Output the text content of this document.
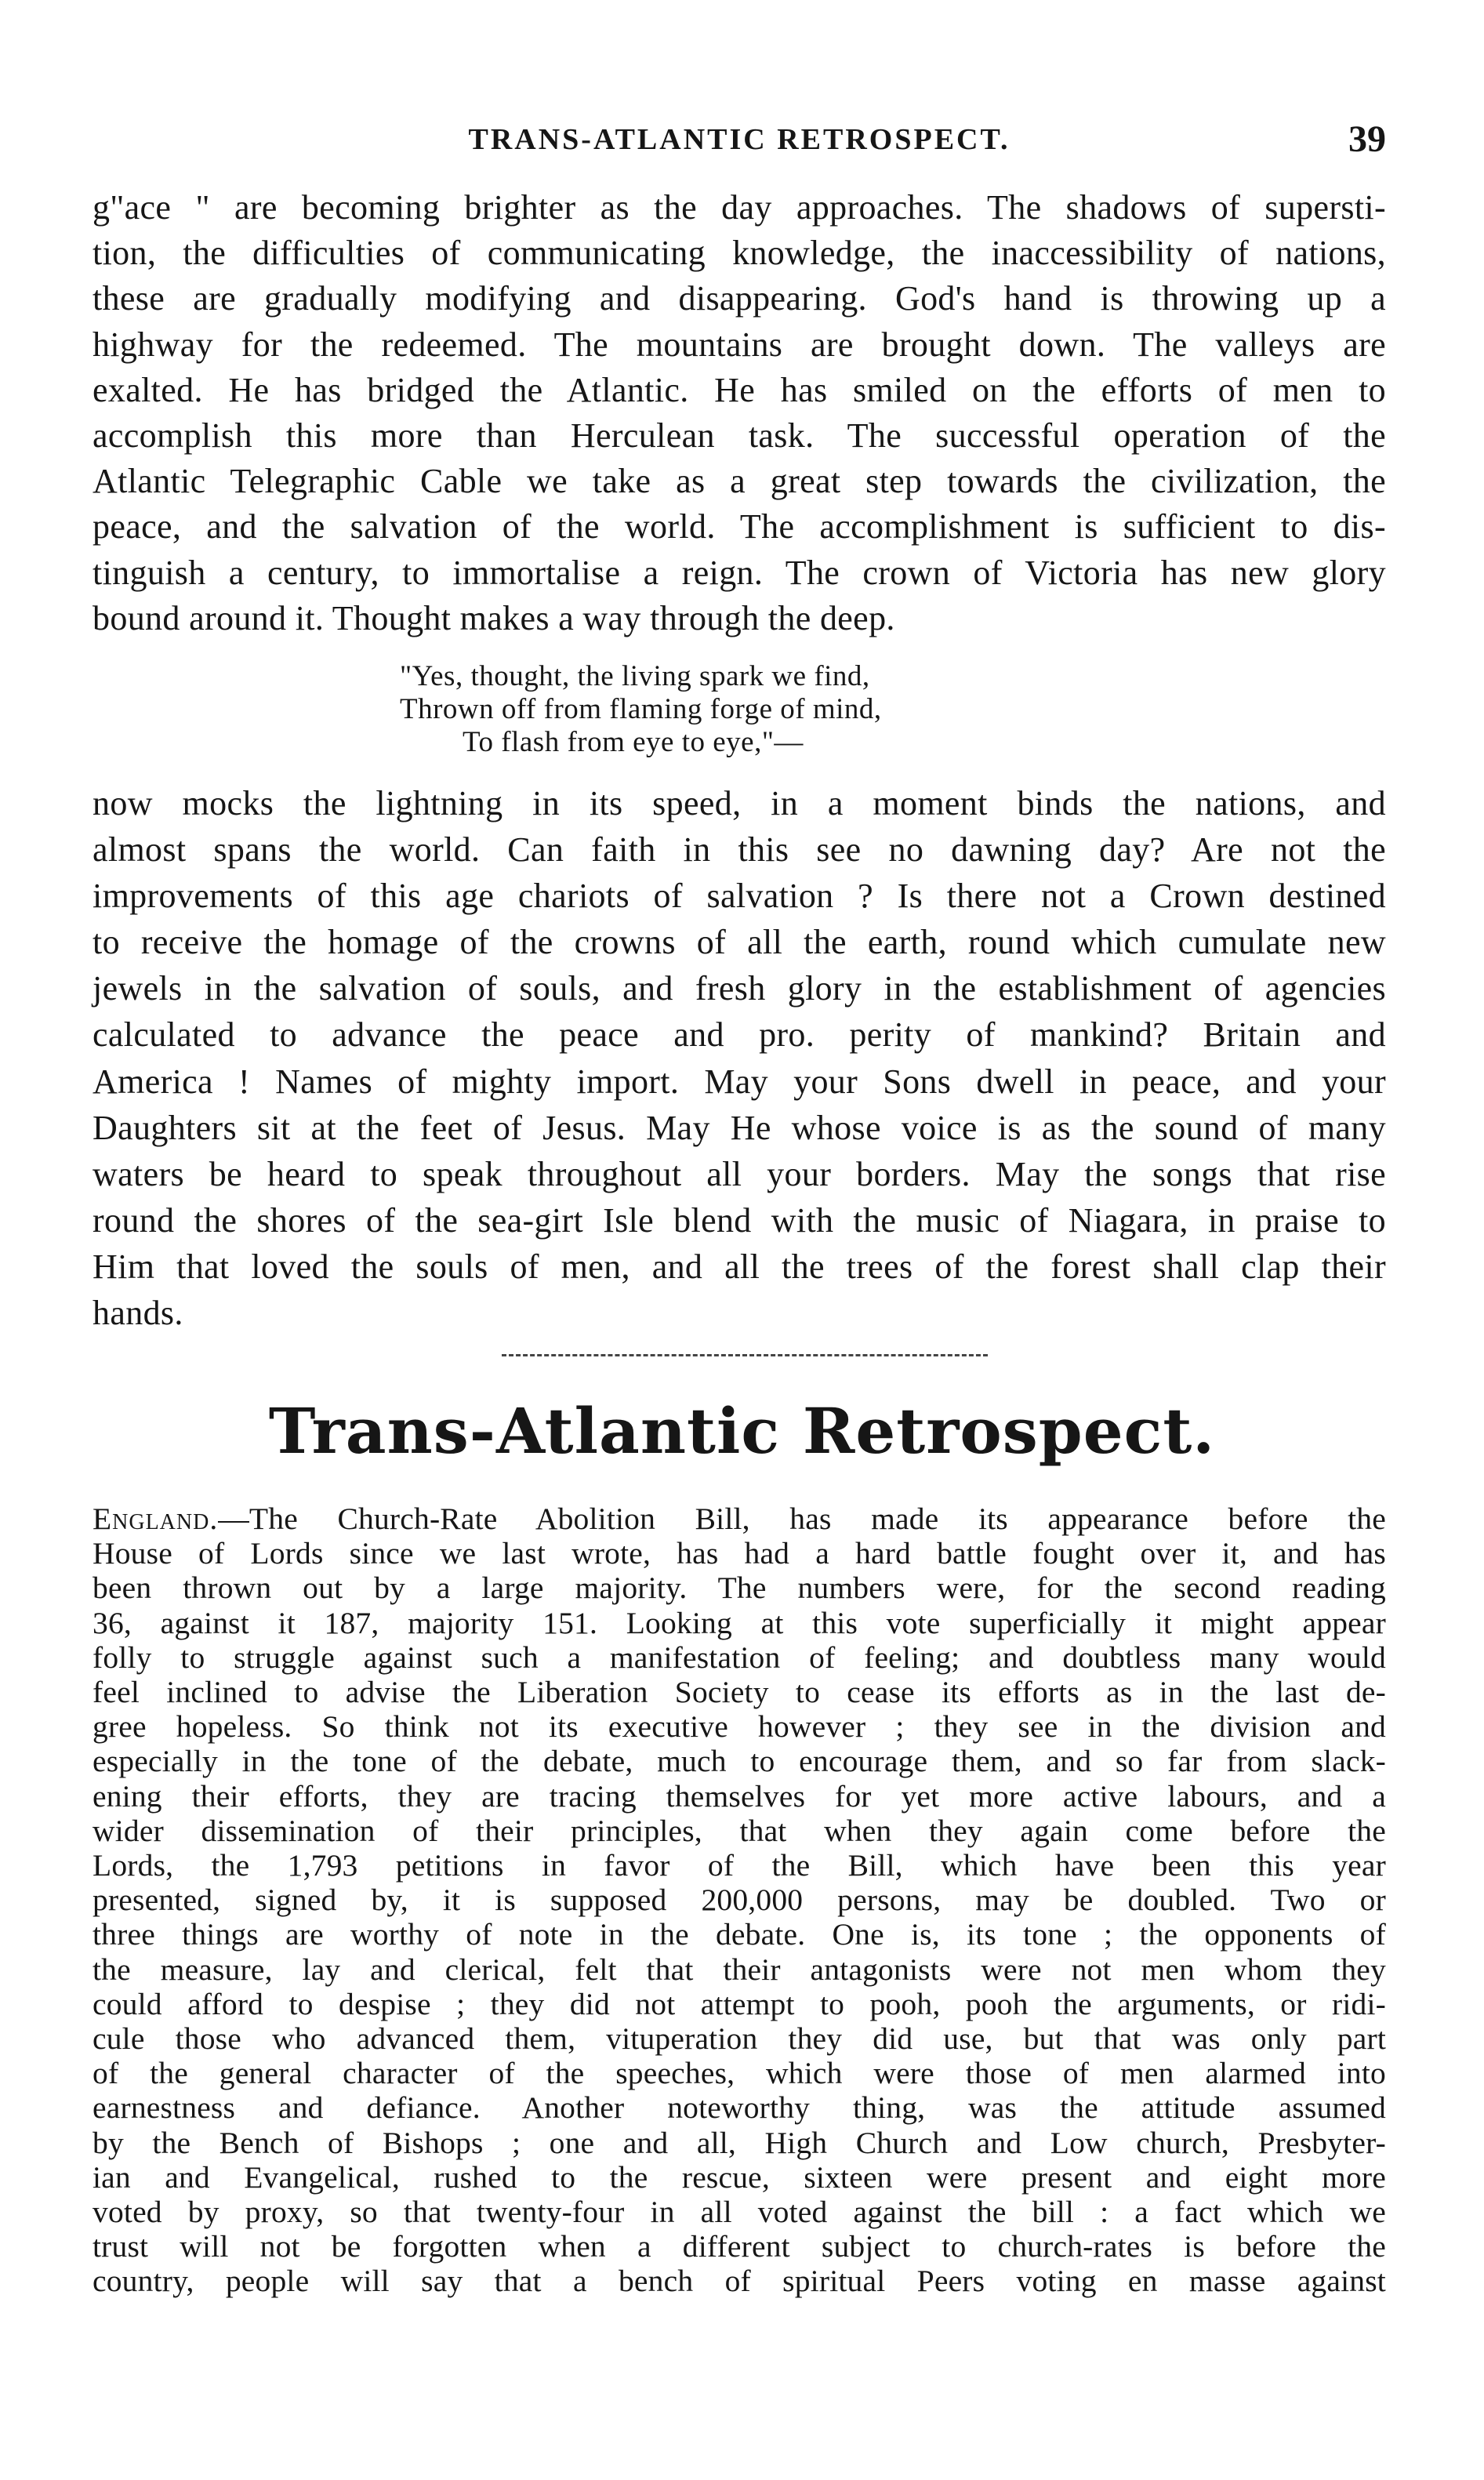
TRANS-ATLANTIC RETROSPECT.	39
g"ace " are becoming brighter as the day approaches. The shadows of supersti-
tion, the difficulties of communicating knowledge, the inaccessibility of nations,
these are gradually modifying and disappearing. God's hand is throwing up a
highway for the redeemed. The mountains are brought down. The valleys are
exalted. He has bridged the Atlantic. He has smiled on the efforts of men to
accomplish this more than Herculean task. The successful operation of the
Atlantic Telegraphic Cable we take as a great step towards the civilization, the
peace, and the salvation of the world. The accomplishment is sufficient to dis-
tinguish a century, to immortalise a reign. The crown of Victoria has new glory
bound around it. Thought makes a way through the deep.
"Yes, thought, the living spark we find,
Thrown off from flaming forge of mind,
To flash from eye to eye,"—
now mocks the lightning in its speed, in a moment binds the nations, and
almost spans the world. Can faith in this see no dawning day? Are not the
improvements of this age chariots of salvation ? Is there not a Crown destined
to receive the homage of the crowns of all the earth, round which cumulate new
jewels in the salvation of souls, and fresh glory in the establishment of agencies
calculated to advance the peace and pro. perity of mankind? Britain and
America ! Names of mighty import. May your Sons dwell in peace, and your
Daughters sit at the feet of Jesus. May He whose voice is as the sound of many
waters be heard to speak throughout all your borders. May the songs that rise
round the shores of the sea-girt Isle blend with the music of Niagara, in praise to
Him that loved the souls of men, and all the trees of the forest shall clap their
hands.
Trans-Atlantic Retrospect.
England.—The Church-Rate Abolition Bill, has made its appearance before the
House of Lords since we last wrote, has had a hard battle fought over it, and has
been thrown out by a large majority. The numbers were, for the second reading
36, against it 187, majority 151. Looking at this vote superficially it might appear
folly to struggle against such a manifestation of feeling; and doubtless many would
feel inclined to advise the Liberation Society to cease its efforts as in the last de-
gree hopeless. So think not its executive however ; they see in the division and
especially in the tone of the debate, much to encourage them, and so far from slack-
ening their efforts, they are tracing themselves for yet more active labours, and a
wider dissemination of their principles, that when they again come before the
Lords, the 1,793 petitions in favor of the Bill, which have been this year
presented, signed by, it is supposed 200,000 persons, may be doubled. Two or
three things are worthy of note in the debate. One is, its tone ; the opponents of
the measure, lay and clerical, felt that their antagonists were not men whom they
could afford to despise ; they did not attempt to pooh, pooh the arguments, or ridi-
cule those who advanced them, vituperation they did use, but that was only part
of the general character of the speeches, which were those of men alarmed into
earnestness and defiance. Another noteworthy thing, was the attitude assumed
by the Bench of Bishops ; one and all, High Church and Low church, Presbyter-
ian and Evangelical, rushed to the rescue, sixteen were present and eight more
voted by proxy, so that twenty-four in all voted against the bill : a fact which we
trust will not be forgotten when a different subject to church-rates is before the
country, people will say that a bench of spiritual Peers voting en masse against
